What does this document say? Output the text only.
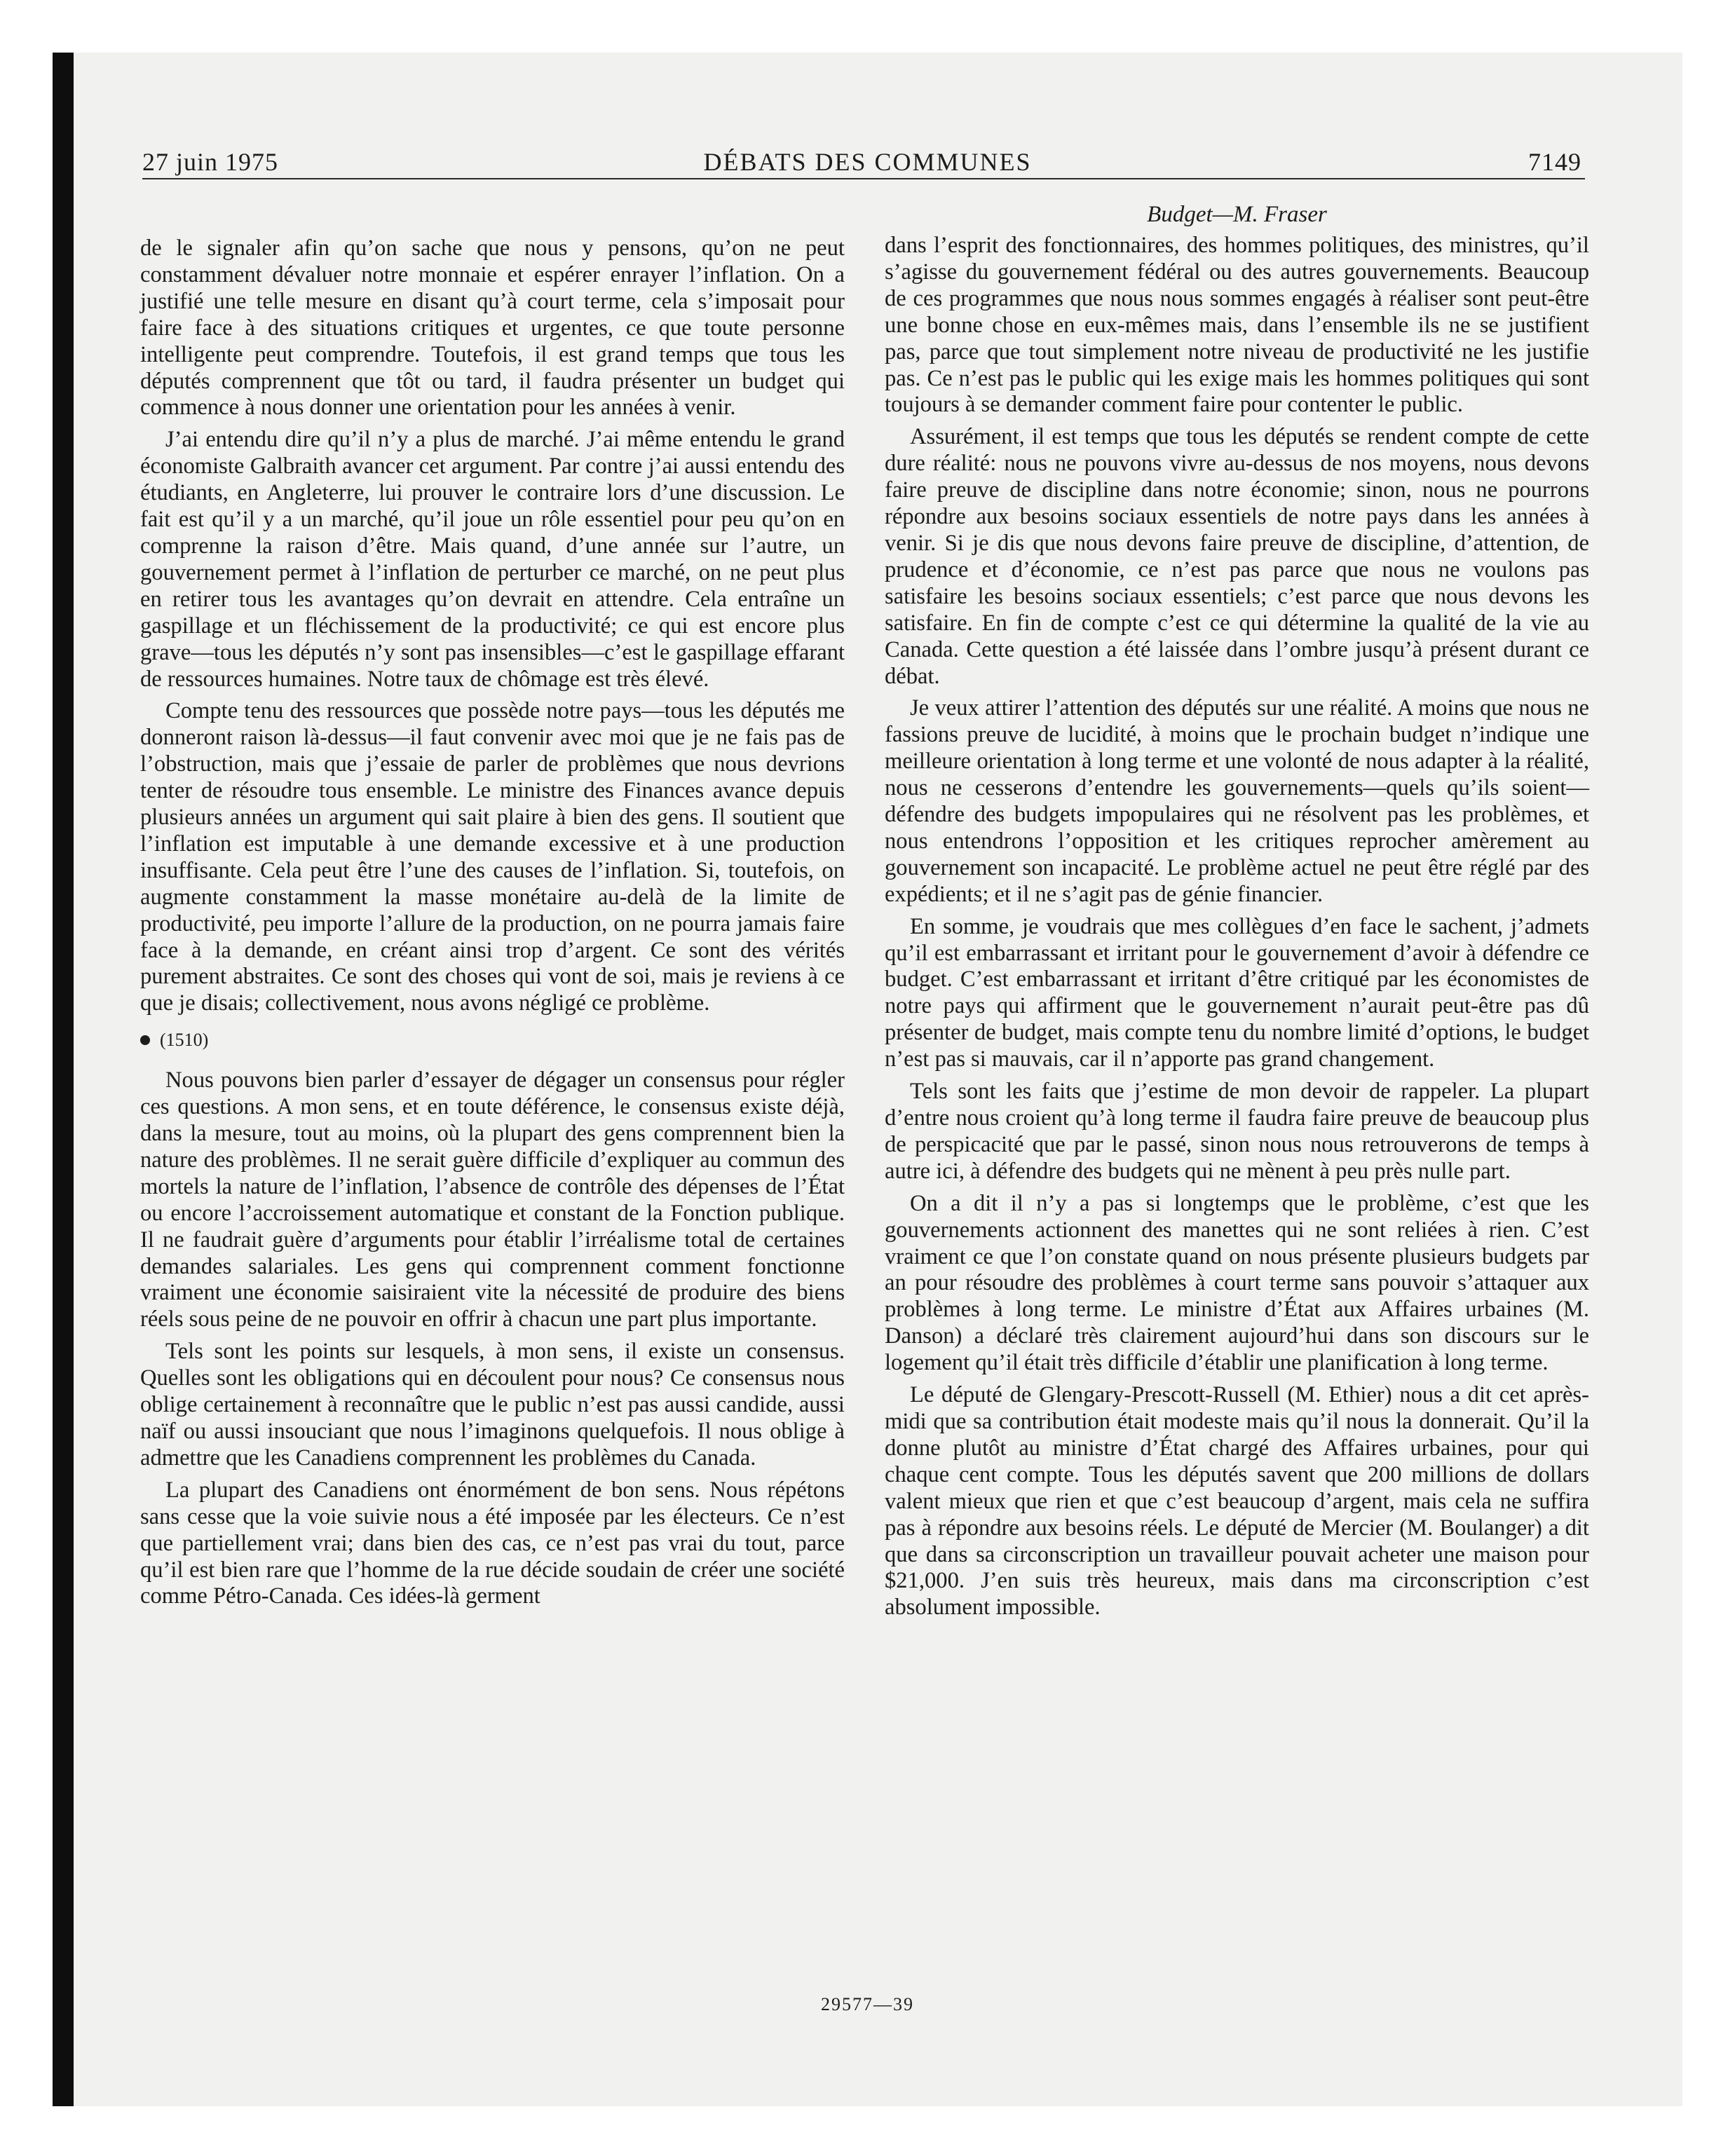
27 juin 1975	DÉBATS DES COMMUNES	7149
Budget—M. Fraser

de le signaler afin qu’on sache que nous y pensons, qu’on ne peut constamment dévaluer notre monnaie et espérer enrayer l’inflation. On a justifié une telle mesure en disant qu’à court terme, cela s’imposait pour faire face à des situations critiques et urgentes, ce que toute personne intelligente peut comprendre. Toutefois, il est grand temps que tous les députés comprennent que tôt ou tard, il faudra présenter un budget qui commence à nous donner une orientation pour les années à venir.

J’ai entendu dire qu’il n’y a plus de marché. J’ai même entendu le grand économiste Galbraith avancer cet argument. Par contre j’ai aussi entendu des étudiants, en Angleterre, lui prouver le contraire lors d’une discussion. Le fait est qu’il y a un marché, qu’il joue un rôle essentiel pour peu qu’on en comprenne la raison d’être. Mais quand, d’une année sur l’autre, un gouvernement permet à l’inflation de perturber ce marché, on ne peut plus en retirer tous les avantages qu’on devrait en attendre. Cela entraîne un gaspillage et un fléchissement de la productivité; ce qui est encore plus grave—tous les députés n’y sont pas insensibles—c’est le gaspillage effarant de ressources humaines. Notre taux de chômage est très élevé.

Compte tenu des ressources que possède notre pays—tous les députés me donneront raison là-dessus—il faut convenir avec moi que je ne fais pas de l’obstruction, mais que j’essaie de parler de problèmes que nous devrions tenter de résoudre tous ensemble. Le ministre des Finances avance depuis plusieurs années un argument qui sait plaire à bien des gens. Il soutient que l’inflation est imputable à une demande excessive et à une production insuffisante. Cela peut être l’une des causes de l’inflation. Si, toutefois, on augmente constamment la masse monétaire au-delà de la limite de productivité, peu importe l’allure de la production, on ne pourra jamais faire face à la demande, en créant ainsi trop d’argent. Ce sont des vérités purement abstraites. Ce sont des choses qui vont de soi, mais je reviens à ce que je disais; collectivement, nous avons négligé ce problème.

(1510)

Nous pouvons bien parler d’essayer de dégager un consensus pour régler ces questions. A mon sens, et en toute déférence, le consensus existe déjà, dans la mesure, tout au moins, où la plupart des gens comprennent bien la nature des problèmes. Il ne serait guère difficile d’expliquer au commun des mortels la nature de l’inflation, l’absence de contrôle des dépenses de l’État ou encore l’accroissement automatique et constant de la Fonction publique. Il ne faudrait guère d’arguments pour établir l’irréalisme total de certaines demandes salariales. Les gens qui comprennent comment fonctionne vraiment une économie saisiraient vite la nécessité de produire des biens réels sous peine de ne pouvoir en offrir à chacun une part plus importante.

Tels sont les points sur lesquels, à mon sens, il existe un consensus. Quelles sont les obligations qui en découlent pour nous? Ce consensus nous oblige certainement à reconnaître que le public n’est pas aussi candide, aussi naïf ou aussi insouciant que nous l’imaginons quelquefois. Il nous oblige à admettre que les Canadiens comprennent les problèmes du Canada.

La plupart des Canadiens ont énormément de bon sens. Nous répétons sans cesse que la voie suivie nous a été imposée par les électeurs. Ce n’est que partiellement vrai; dans bien des cas, ce n’est pas vrai du tout, parce qu’il est bien rare que l’homme de la rue décide soudain de créer une société comme Pétro-Canada. Ces idées-là germent

dans l’esprit des fonctionnaires, des hommes politiques, des ministres, qu’il s’agisse du gouvernement fédéral ou des autres gouvernements. Beaucoup de ces programmes que nous nous sommes engagés à réaliser sont peut-être une bonne chose en eux-mêmes mais, dans l’ensemble ils ne se justifient pas, parce que tout simplement notre niveau de productivité ne les justifie pas. Ce n’est pas le public qui les exige mais les hommes politiques qui sont toujours à se demander comment faire pour contenter le public.

Assurément, il est temps que tous les députés se rendent compte de cette dure réalité: nous ne pouvons vivre au-dessus de nos moyens, nous devons faire preuve de discipline dans notre économie; sinon, nous ne pourrons répondre aux besoins sociaux essentiels de notre pays dans les années à venir. Si je dis que nous devons faire preuve de discipline, d’attention, de prudence et d’économie, ce n’est pas parce que nous ne voulons pas satisfaire les besoins sociaux essentiels; c’est parce que nous devons les satisfaire. En fin de compte c’est ce qui détermine la qualité de la vie au Canada. Cette question a été laissée dans l’ombre jusqu’à présent durant ce débat.

Je veux attirer l’attention des députés sur une réalité. A moins que nous ne fassions preuve de lucidité, à moins que le prochain budget n’indique une meilleure orientation à long terme et une volonté de nous adapter à la réalité, nous ne cesserons d’entendre les gouvernements—quels qu’ils soient—défendre des budgets impopulaires qui ne résolvent pas les problèmes, et nous entendrons l’opposition et les critiques reprocher amèrement au gouvernement son incapacité. Le problème actuel ne peut être réglé par des expédients; et il ne s’agit pas de génie financier.

En somme, je voudrais que mes collègues d’en face le sachent, j’admets qu’il est embarrassant et irritant pour le gouvernement d’avoir à défendre ce budget. C’est embarrassant et irritant d’être critiqué par les économistes de notre pays qui affirment que le gouvernement n’aurait peut-être pas dû présenter de budget, mais compte tenu du nombre limité d’options, le budget n’est pas si mauvais, car il n’apporte pas grand changement.

Tels sont les faits que j’estime de mon devoir de rappeler. La plupart d’entre nous croient qu’à long terme il faudra faire preuve de beaucoup plus de perspicacité que par le passé, sinon nous nous retrouverons de temps à autre ici, à défendre des budgets qui ne mènent à peu près nulle part.

On a dit il n’y a pas si longtemps que le problème, c’est que les gouvernements actionnent des manettes qui ne sont reliées à rien. C’est vraiment ce que l’on constate quand on nous présente plusieurs budgets par an pour résoudre des problèmes à court terme sans pouvoir s’attaquer aux problèmes à long terme. Le ministre d’État aux Affaires urbaines (M. Danson) a déclaré très clairement aujourd’hui dans son discours sur le logement qu’il était très difficile d’établir une planification à long terme.

Le député de Glengary-Prescott-Russell (M. Ethier) nous a dit cet après-midi que sa contribution était modeste mais qu’il nous la donnerait. Qu’il la donne plutôt au ministre d’État chargé des Affaires urbaines, pour qui chaque cent compte. Tous les députés savent que 200 millions de dollars valent mieux que rien et que c’est beaucoup d’argent, mais cela ne suffira pas à répondre aux besoins réels. Le député de Mercier (M. Boulanger) a dit que dans sa circonscription un travailleur pouvait acheter une maison pour $21,000. J’en suis très heureux, mais dans ma circonscription c’est absolument impossible.

29577—39
